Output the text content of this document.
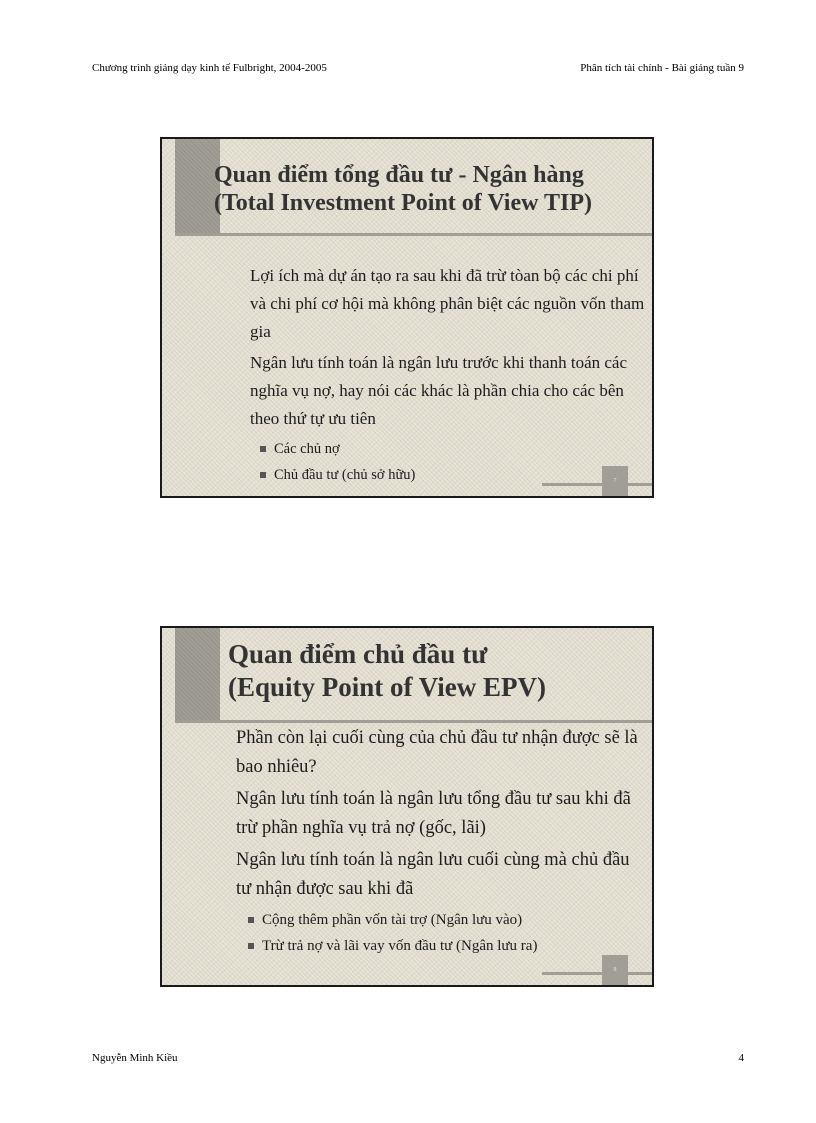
Chương trình giảng dạy kinh tế Fulbright, 2004-2005	Phân tích tài chính - Bài giảng tuần 9
Quan điểm tổng đầu tư - Ngân hàng
(Total Investment Point of View TIP)

Lợi ích mà dự án tạo ra sau khi đã trừ tòan bộ các chi phí và chi phí cơ hội mà không phân biệt các nguồn vốn tham gia

Ngân lưu tính toán là ngân lưu trước khi thanh toán các nghĩa vụ nợ, hay nói các khác là phần chia cho các bên theo thứ tự ưu tiên

Các chủ nợ
Chủ đầu tư (chủ sở hữu)	7
Quan điểm chủ đầu tư
(Equity Point of View EPV)

Phần còn lại cuối cùng của chủ đầu tư nhận được sẽ là bao nhiêu?

Ngân lưu tính toán là ngân lưu tổng đầu tư sau khi đã trừ phần nghĩa vụ trả nợ (gốc, lãi)

Ngân lưu tính toán là ngân lưu cuối cùng mà chủ đầu tư nhận được sau khi đã

Cộng thêm phần vốn tài trợ (Ngân lưu vào)
Trừ trả nợ và lãi vay vốn đầu tư (Ngân lưu ra)
8
Nguyễn Minh Kiều	4
